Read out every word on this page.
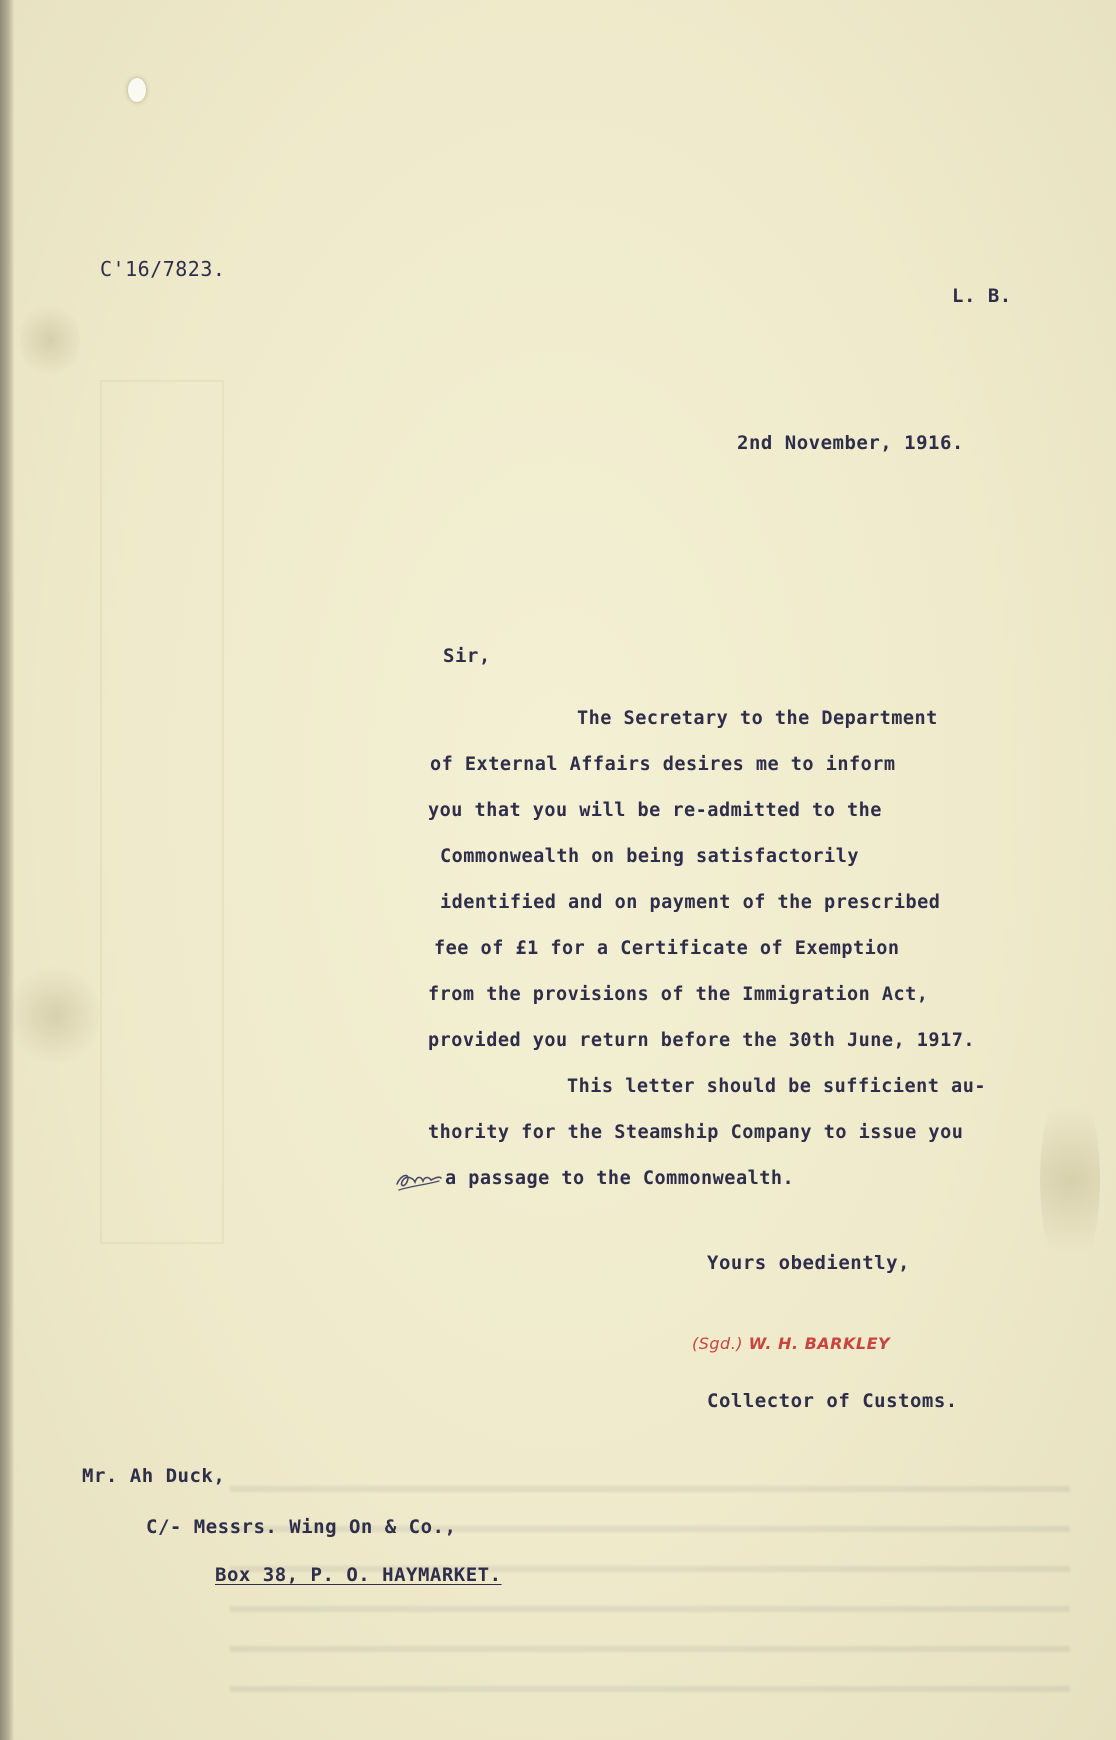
C'16/7823.

L. B.

2nd November, 1916.

Sir,

The Secretary to the Department

of External Affairs desires me to inform

you that you will be re-admitted to the

Commonwealth on being satisfactorily

identified and on payment of the prescribed

fee of £1 for a Certificate of Exemption

from the provisions of the Immigration Act,

provided you return before the 30th June, 1917.

This letter should be sufficient au-

thority for the Steamship Company to issue you

a passage to the Commonwealth.

Yours obediently,

(Sgd.) W. H. BARKLEY

Collector of Customs.

Mr. Ah Duck,

C/- Messrs. Wing On & Co.,

Box 38, P. O. HAYMARKET.
